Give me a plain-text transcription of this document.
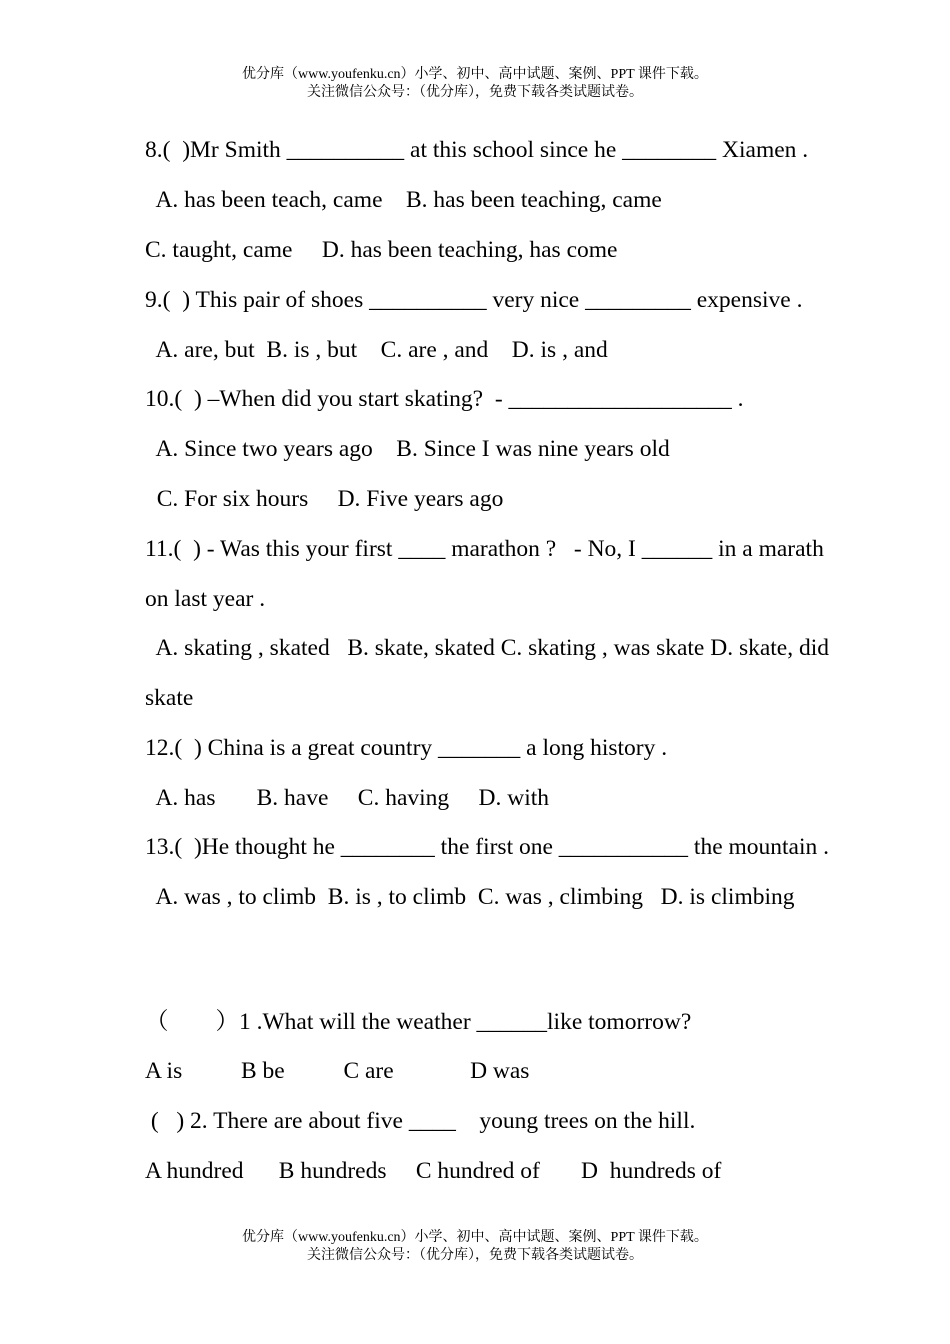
优分库（www.youfenku.cn）小学、初中、高中试题、案例、PPT 课件下载。
关注微信公众号：（优分库），免费下载各类试题试卷。
8.(  )Mr Smith __________ at this school since he ________ Xiamen .
A. has been teach, came    B. has been teaching, came
C. taught, came     D. has been teaching, has come
9.(  ) This pair of shoes __________ very nice _________ expensive .
A. are, but  B. is , but    C. are , and    D. is , and
10.(  ) –When did you start skating?  - ___________________ .
A. Since two years ago    B. Since I was nine years old
C. For six hours     D. Five years ago
11.(  ) - Was this your first ____ marathon ?   - No, I ______ in a marath
on last year .
A. skating , skated   B. skate, skated C. skating , was skate D. skate, did
skate
12.(  ) China is a great country _______ a long history .
A. has       B. have     C. having     D. with
13.(  )He thought he ________ the first one ___________ the mountain .
A. was , to climb  B. is , to climb  C. was , climbing   D. is climbing
（        ）1 .What will the weather ______like tomorrow?
A is          B be          C are             D was
(   ) 2. There are about five ____    young trees on the hill.
A hundred      B hundreds     C hundred of       D  hundreds of
优分库（www.youfenku.cn）小学、初中、高中试题、案例、PPT 课件下载。
关注微信公众号：（优分库），免费下载各类试题试卷。
